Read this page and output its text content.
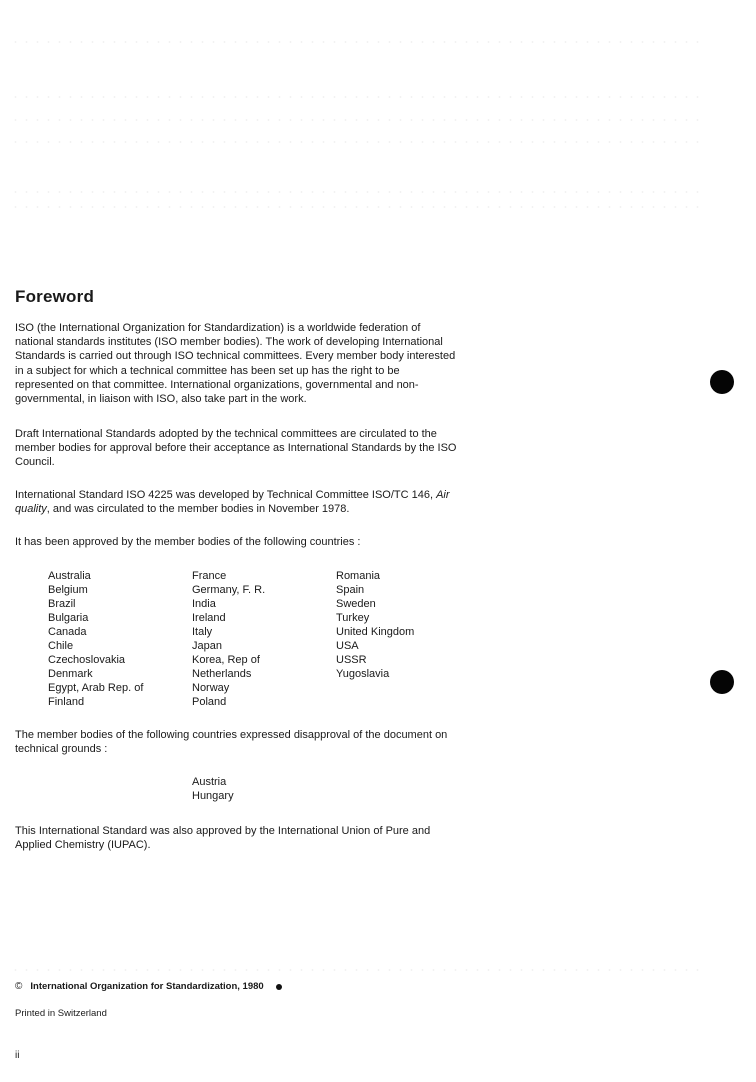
Foreword

ISO (the International Organization for Standardization) is a worldwide federation of national standards institutes (ISO member bodies). The work of developing International Standards is carried out through ISO technical committees. Every member body interested in a subject for which a technical committee has been set up has the right to be represented on that committee. International organizations, governmental and non-governmental, in liaison with ISO, also take part in the work.

Draft International Standards adopted by the technical committees are circulated to the member bodies for approval before their acceptance as International Standards by the ISO Council.

International Standard ISO 4225 was developed by Technical Committee ISO/TC 146, Air quality, and was circulated to the member bodies in November 1978.

It has been approved by the member bodies of the following countries :

Australia
Belgium
Brazil
Bulgaria
Canada
Chile
Czechoslovakia
Denmark
Egypt, Arab Rep. of
Finland
France
Germany, F. R.
India
Ireland
Italy
Japan
Korea, Rep of
Netherlands
Norway
Poland
Romania
Spain
Sweden
Turkey
United Kingdom
USA
USSR
Yugoslavia

The member bodies of the following countries expressed disapproval of the document on technical grounds :

Austria
Hungary

This International Standard was also approved by the International Union of Pure and Applied Chemistry (IUPAC).

© International Organization for Standardization, 1980
Printed in Switzerland
ii
